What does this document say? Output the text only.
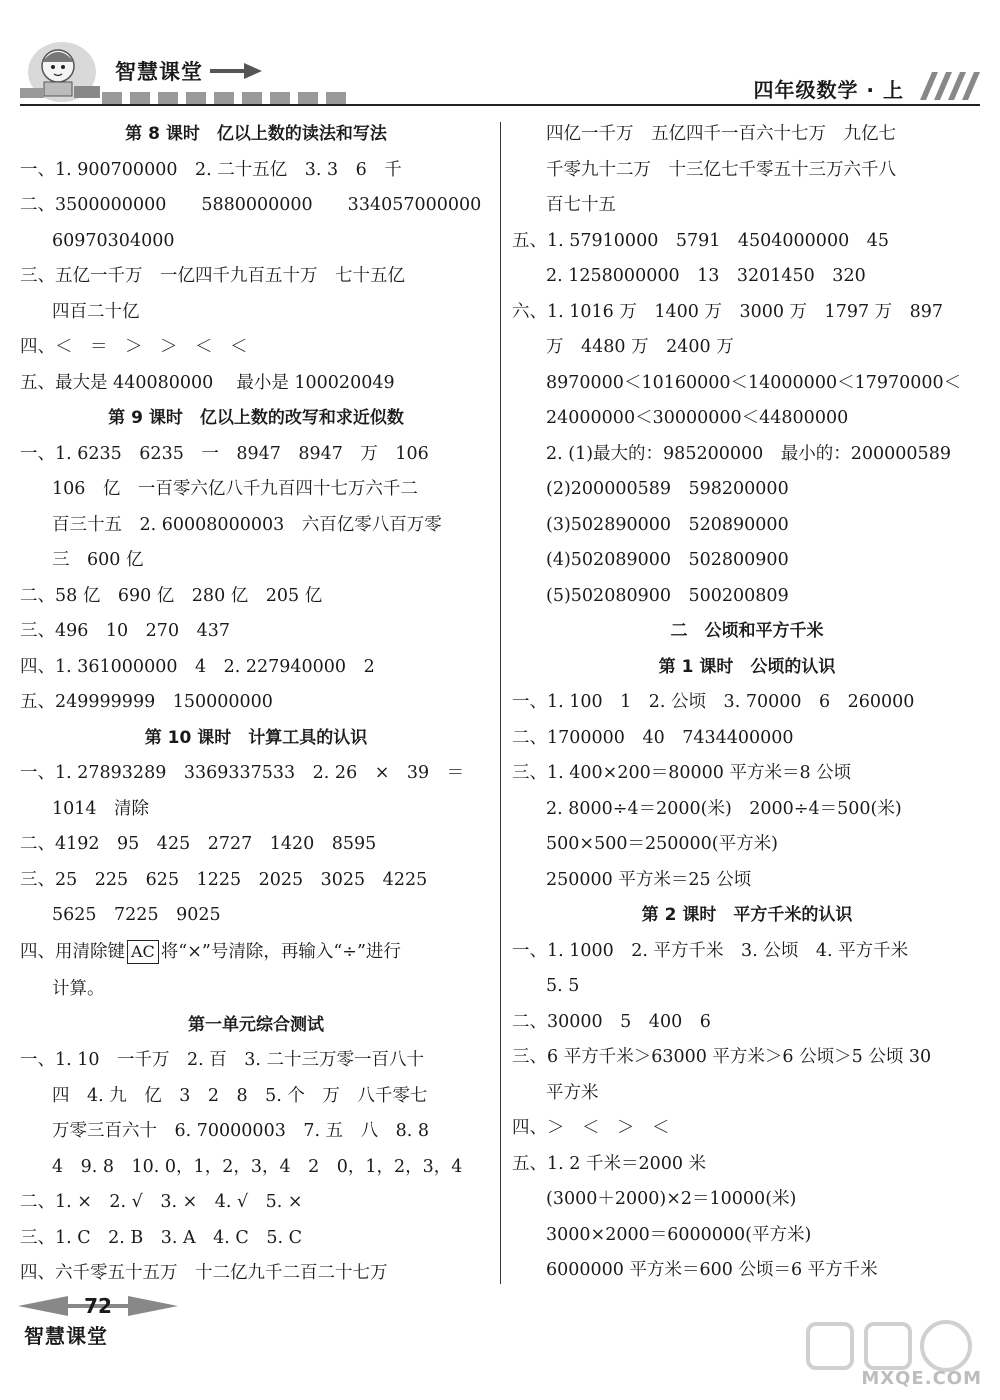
智慧课堂
四年级数学 · 上
第 8 课时　亿以上数的读法和写法
一、1. 900700000　2. 二十五亿　3. 3　6　千
二、3500000000　　5880000000　　334057000000
60970304000
三、五亿一千万　一亿四千九百五十万　七十五亿
四百二十亿
四、＜　＝　＞　＞　＜　＜
五、最大是 440080000　 最小是 100020049
第 9 课时　亿以上数的改写和求近似数
一、1. 6235　6235　一　8947　8947　万　106
106　亿　一百零六亿八千九百四十七万六千二
百三十五　2. 60008000003　六百亿零八百万零
三　600 亿
二、58 亿　690 亿　280 亿　205 亿
三、496　10　270　437
四、1. 361000000　4　2. 227940000　2
五、249999999　150000000
第 10 课时　计算工具的认识
一、1. 27893289　3369337533　2. 26　×　39　＝
1014　清除
二、4192　95　425　2727　1420　8595
三、25　225　625　1225　2025　3025　4225
5625　7225　9025
四、用清除键 AC 将“×”号清除，再输入“÷”进行
计算。
第一单元综合测试
一、1. 10　一千万　2. 百　3. 二十三万零一百八十
四　4. 九　亿　3　2　8　5. 个　万　八千零七
万零三百六十　6. 70000003　7. 五　八　8. 8
4　9. 8　10. 0，1，2，3，4　2　0，1，2，3，4
二、1. ×　2. √　3. ×　4. √　5. ×
三、1. C　2. B　3. A　4. C　5. C
四、六千零五十五万　十二亿九千二百二十七万
四亿一千万　五亿四千一百六十七万　九亿七
千零九十二万　十三亿七千零五十三万六千八
百七十五
五、1. 57910000　5791　4504000000　45
2. 1258000000　13　3201450　320
六、1. 1016 万　1400 万　3000 万　1797 万　897
万　4480 万　2400 万
8970000＜10160000＜14000000＜17970000＜
24000000＜30000000＜44800000
2. (1)最大的：985200000　最小的：200000589
(2)200000589　598200000
(3)502890000　520890000
(4)502089000　502800900
(5)502080900　500200809
二　公顷和平方千米
第 1 课时　公顷的认识
一、1. 100　1　2. 公顷　3. 70000　6　260000
二、1700000　40　7434400000
三、1. 400×200＝80000 平方米＝8 公顷
2. 8000÷4＝2000(米)　2000÷4＝500(米)
500×500＝250000(平方米)
250000 平方米＝25 公顷
第 2 课时　平方千米的认识
一、1. 1000　2. 平方千米　3. 公顷　4. 平方千米
5. 5
二、30000　5　400　6
三、6 平方千米＞63000 平方米＞6 公顷＞5 公顷 30
平方米
四、＞　＜　＞　＜
五、1. 2 千米＝2000 米
(3000＋2000)×2＝10000(米)
3000×2000＝6000000(平方米)
6000000 平方米＝600 公顷＝6 平方千米
72
智慧课堂
MXQE.COM
